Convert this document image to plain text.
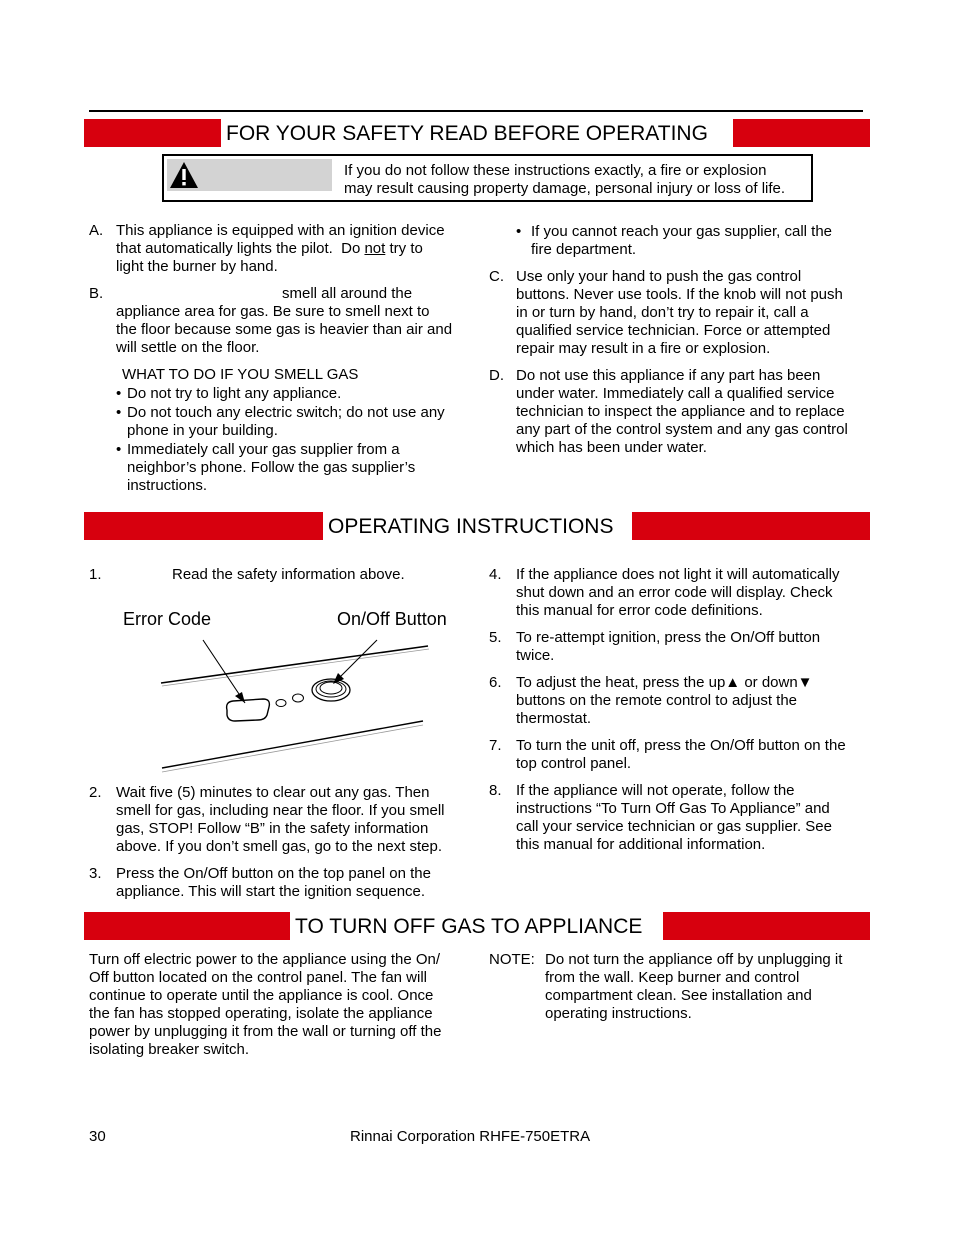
FOR YOUR SAFETY READ BEFORE OPERATING
If you do not follow these instructions exactly, a fire or explosion
may result causing property damage, personal injury or loss of life.
A. This appliance is equipped with an ignition device
that automatically lights the pilot.  Do not try to
light the burner by hand.
B.	smell all around the
appliance area for gas. Be sure to smell next to
the floor because some gas is heavier than air and
will settle on the floor.
WHAT TO DO IF YOU SMELL GAS
• Do not try to light any appliance.
• Do not touch any electric switch; do not use any
phone in your building.
• Immediately call your gas supplier from a
neighbor’s phone. Follow the gas supplier’s
instructions.
• If you cannot reach your gas supplier, call the
fire department.
C. Use only your hand to push the gas control
buttons. Never use tools. If the knob will not push
in or turn by hand, don’t try to repair it, call a
qualified service technician. Force or attempted
repair may result in a fire or explosion.
D. Do not use this appliance if any part has been
under water. Immediately call a qualified service
technician to inspect the appliance and to replace
any part of the control system and any gas control
which has been under water.
OPERATING INSTRUCTIONS
1.	Read the safety information above.
Error Code	On/Off Button
2. Wait five (5) minutes to clear out any gas. Then
smell for gas, including near the floor. If you smell
gas, STOP! Follow “B” in the safety information
above. If you don’t smell gas, go to the next step.
3. Press the On/Off button on the top panel on the
appliance. This will start the ignition sequence.
4. If the appliance does not light it will automatically
shut down and an error code will display. Check
this manual for error code definitions.
5. To re-attempt ignition, press the On/Off button
twice.
6. To adjust the heat, press the up▲ or down▼
buttons on the remote control to adjust the
thermostat.
7. To turn the unit off, press the On/Off button on the
top control panel.
8. If the appliance will not operate, follow the
instructions “To Turn Off Gas To Appliance” and
call your service technician or gas supplier. See
this manual for additional information.
TO TURN OFF GAS TO APPLIANCE
Turn off electric power to the appliance using the On/
Off button located on the control panel. The fan will
continue to operate until the appliance is cool. Once
the fan has stopped operating, isolate the appliance
power by unplugging it from the wall or turning off the
isolating breaker switch.
NOTE: Do not turn the appliance off by unplugging it
from the wall. Keep burner and control
compartment clean. See installation and
operating instructions.
30	Rinnai Corporation RHFE-750ETRA
